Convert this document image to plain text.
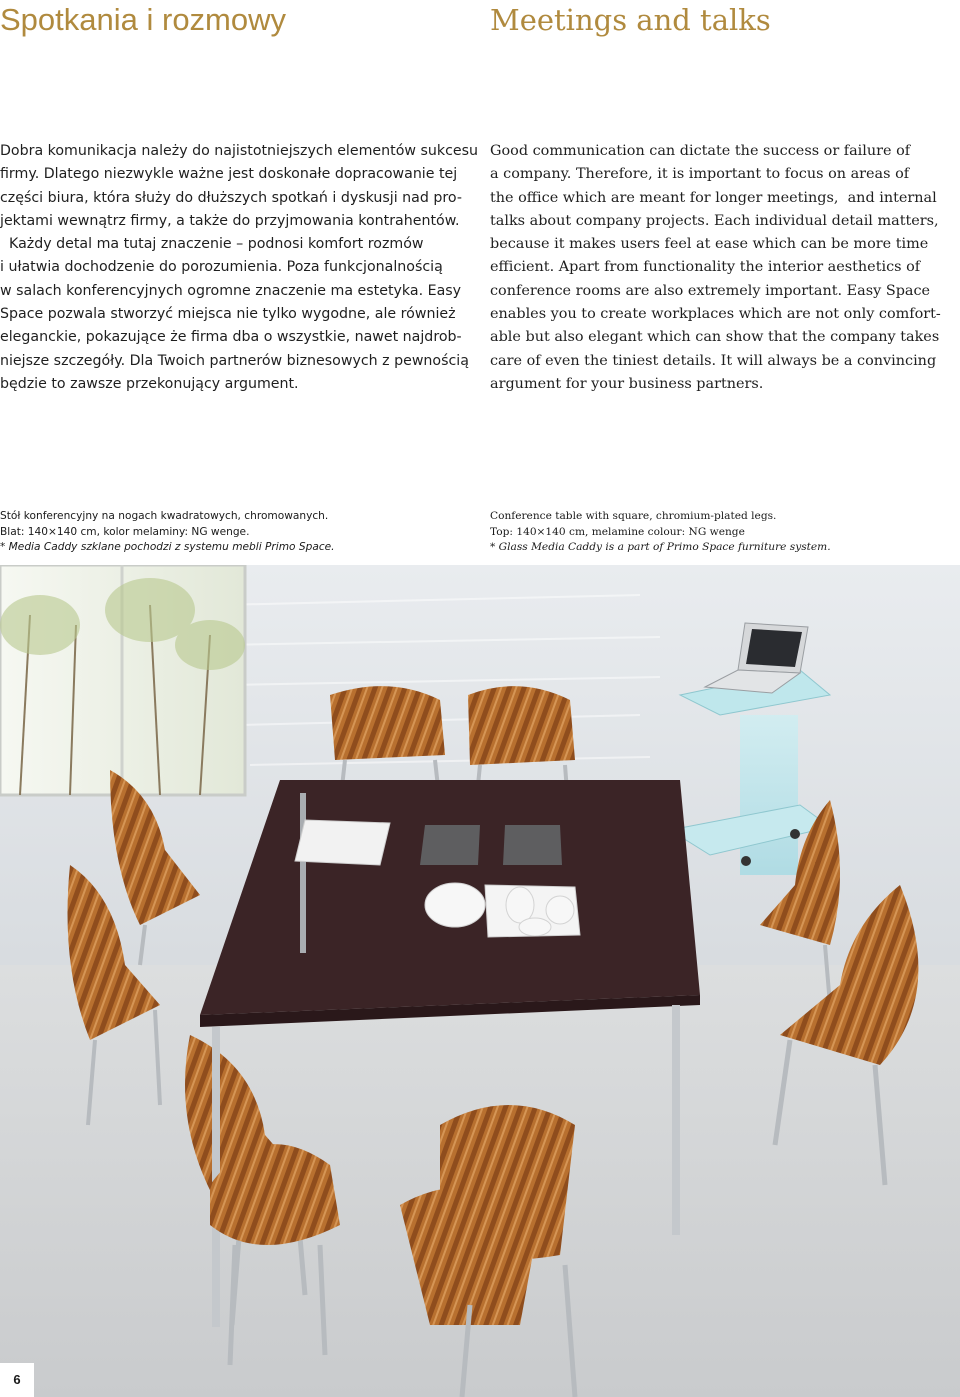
Spotkania i rozmowy	Meetings and talks
Dobra komunikacja należy do najistotniejszych elementów sukcesu
firmy. Dlatego niezwykle ważne jest doskonałe dopracowanie tej
części biura, która służy do dłuższych spotkań i dyskusji nad pro-
jektami wewnątrz firmy, a także do przyjmowania kontrahentów.
Każdy detal ma tutaj znaczenie – podnosi komfort rozmów
i ułatwia dochodzenie do porozumienia. Poza funkcjonalnością
w salach konferencyjnych ogromne znaczenie ma estetyka. Easy
Space pozwala stworzyć miejsca nie tylko wygodne, ale również
eleganckie, pokazujące że firma dba o wszystkie, nawet najdrob-
niejsze szczegóły. Dla Twoich partnerów biznesowych z pewnością
będzie to zawsze przekonujący argument.
Good communication can dictate the success or failure of
a company. Therefore, it is important to focus on areas of
the office which are meant for longer meetings,  and internal
talks about company projects. Each individual detail matters,
because it makes users feel at ease which can be more time
efficient. Apart from functionality the interior aesthetics of
conference rooms are also extremely important. Easy Space
enables you to create workplaces which are not only comfort-
able but also elegant which can show that the company takes
care of even the tiniest details. It will always be a convincing
argument for your business partners.
Stół konferencyjny na nogach kwadratowych, chromowanych.
Blat: 140×140 cm, kolor melaminy: NG wenge.
* Media Caddy szklane pochodzi z systemu mebli Primo Space.
Conference table with square, chromium-plated legs.
Top: 140×140 cm, melamine colour: NG wenge
* Glass Media Caddy is a part of Primo Space furniture system.
6
